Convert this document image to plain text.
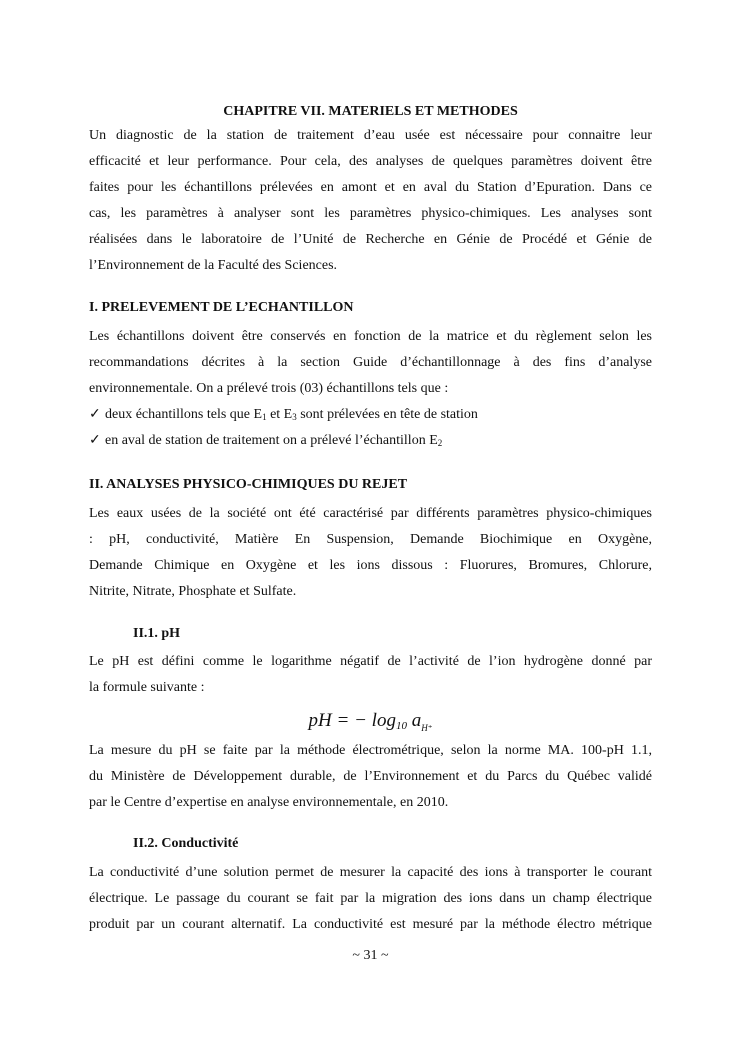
CHAPITRE VII. MATERIELS ET METHODES
Un diagnostic de la station de traitement d’eau usée est nécessaire pour connaitre leur
efficacité et leur performance. Pour cela, des analyses de quelques paramètres doivent être
faites pour les échantillons prélevées en amont et en aval du Station d’Epuration. Dans ce
cas, les paramètres à analyser sont les paramètres physico-chimiques. Les analyses sont
réalisées dans le laboratoire de l’Unité de Recherche en Génie de Procédé et Génie de
l’Environnement de la Faculté des Sciences.
I. PRELEVEMENT DE L’ECHANTILLON
Les échantillons doivent être conservés en fonction de la matrice et du règlement selon les
recommandations décrites à la section Guide d’échantillonnage à des fins d’analyse
environnementale. On a prélevé trois (03) échantillons tels que :
✓ deux échantillons tels que $E_1$ et $E_3$ sont prélevées en tête de station
✓ en aval de station de traitement on a prélevé l’échantillon $E_2$
II. ANALYSES PHYSICO-CHIMIQUES DU REJET
Les eaux usées de la société ont été caractérisé par différents paramètres physico-chimiques
: pH, conductivité, Matière En Suspension, Demande Biochimique en Oxygène,
Demande Chimique en Oxygène et les ions dissous : Fluorures, Bromures, Chlorure,
Nitrite, Nitrate, Phosphate et Sulfate.
II.1. pH
Le pH est défini comme le logarithme négatif de l’activité de l’ion hydrogène donné par
la formule suivante :
pH = − log10 $a_{H^+}$
La mesure du pH se faite par la méthode électrométrique, selon la norme MA. 100-pH 1.1,
du Ministère de Développement durable, de l’Environnement et du Parcs du Québec validé
par le Centre d’expertise en analyse environnementale, en 2010.
II.2. Conductivité
La conductivité d’une solution permet de mesurer la capacité des ions à transporter le courant
électrique. Le passage du courant se fait par la migration des ions dans un champ électrique
produit par un courant alternatif. La conductivité est mesuré par la méthode électro métrique
~ 31 ~
